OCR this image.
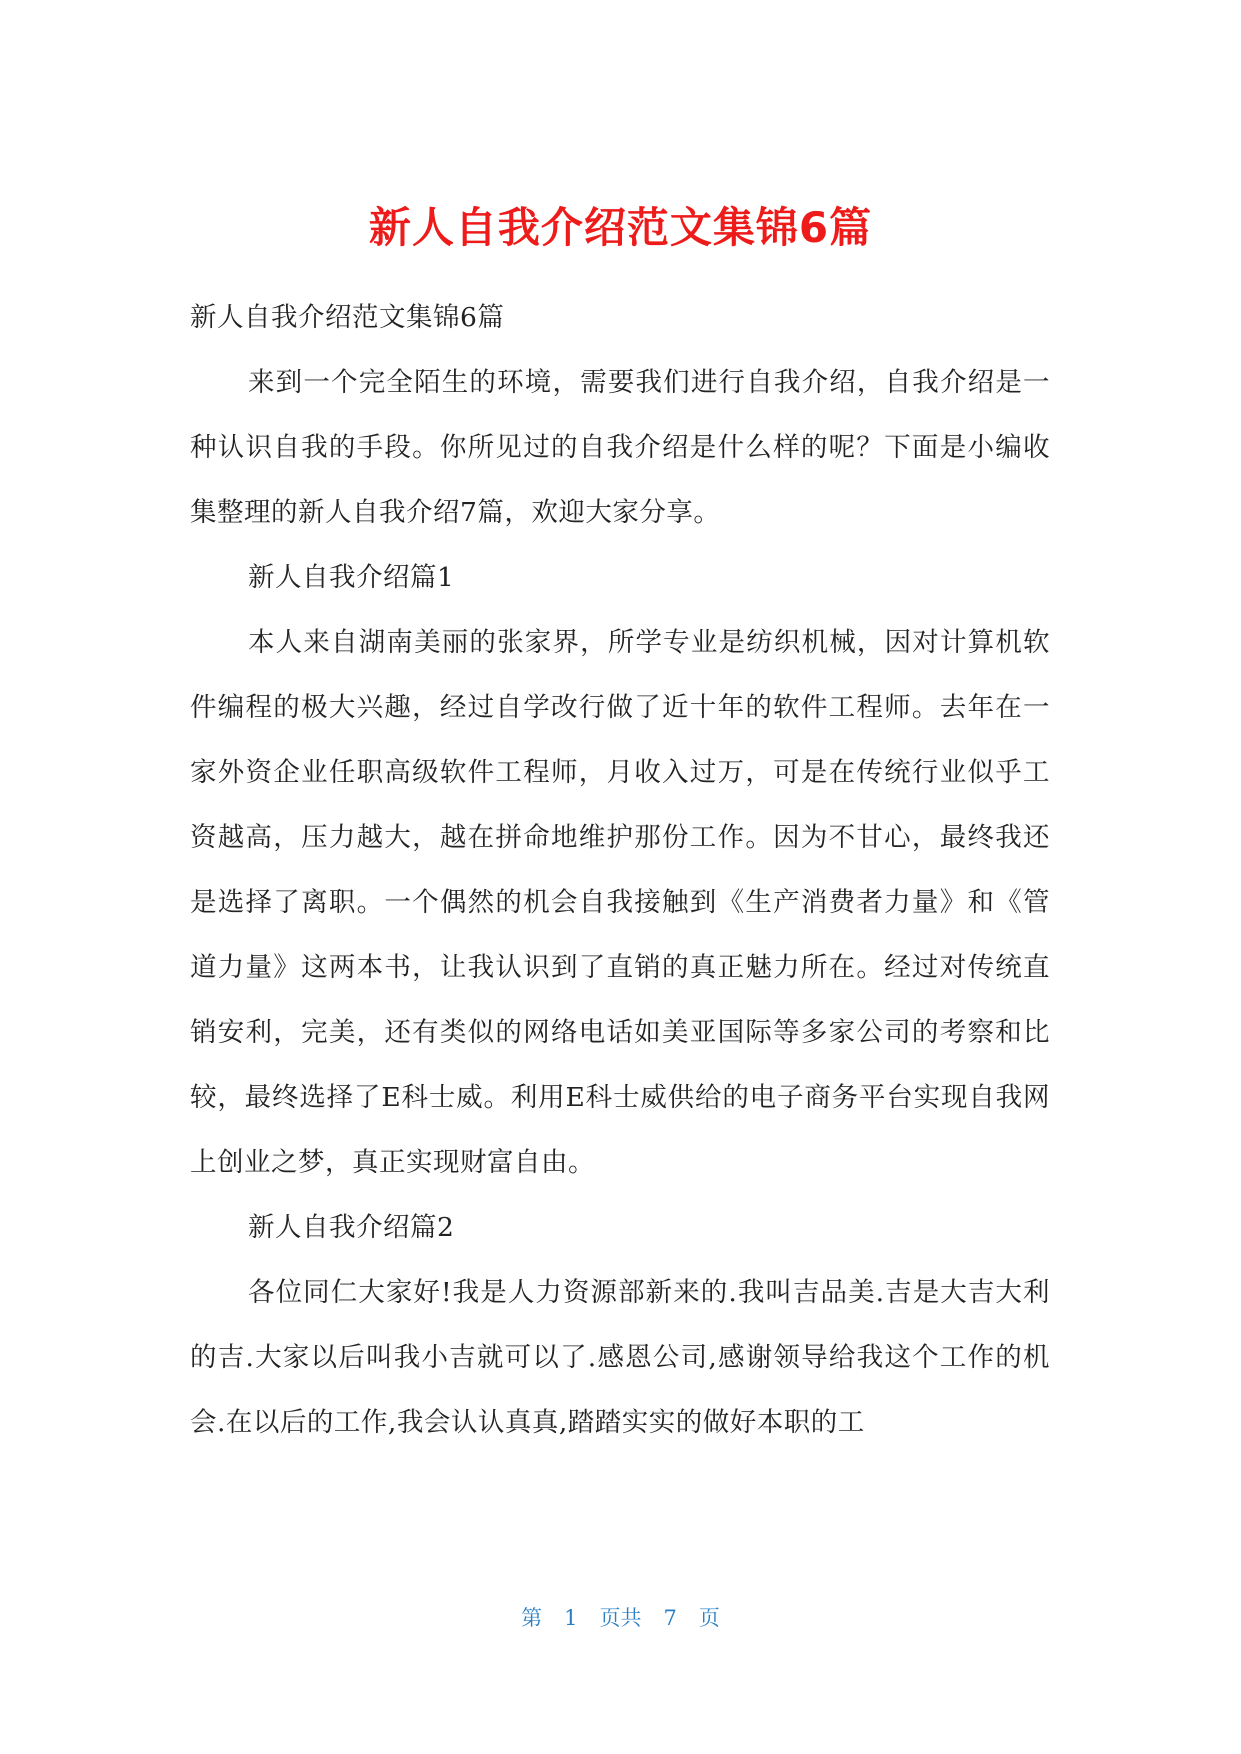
新人自我介绍范文集锦6篇

新人自我介绍范文集锦6篇

来到一个完全陌生的环境，需要我们进行自我介绍，自我介绍是一种认识自我的手段。你所见过的自我介绍是什么样的呢？下面是小编收集整理的新人自我介绍7篇，欢迎大家分享。

新人自我介绍篇1

本人来自湖南美丽的张家界，所学专业是纺织机械，因对计算机软件编程的极大兴趣，经过自学改行做了近十年的软件工程师。去年在一家外资企业任职高级软件工程师，月收入过万，可是在传统行业似乎工资越高，压力越大，越在拼命地维护那份工作。因为不甘心，最终我还是选择了离职。一个偶然的机会自我接触到《生产消费者力量》和《管道力量》这两本书，让我认识到了直销的真正魅力所在。经过对传统直销安利，完美，还有类似的网络电话如美亚国际等多家公司的考察和比较，最终选择了E科士威。利用E科士威供给的电子商务平台实现自我网上创业之梦，真正实现财富自由。

新人自我介绍篇2

各位同仁大家好!我是人力资源部新来的.我叫吉品美.吉是大吉大利的吉.大家以后叫我小吉就可以了.感恩公司,感谢领导给我这个工作的机会.在以后的工作,我会认认真真,踏踏实实的做好本职的工

第 1 页共 7 页
